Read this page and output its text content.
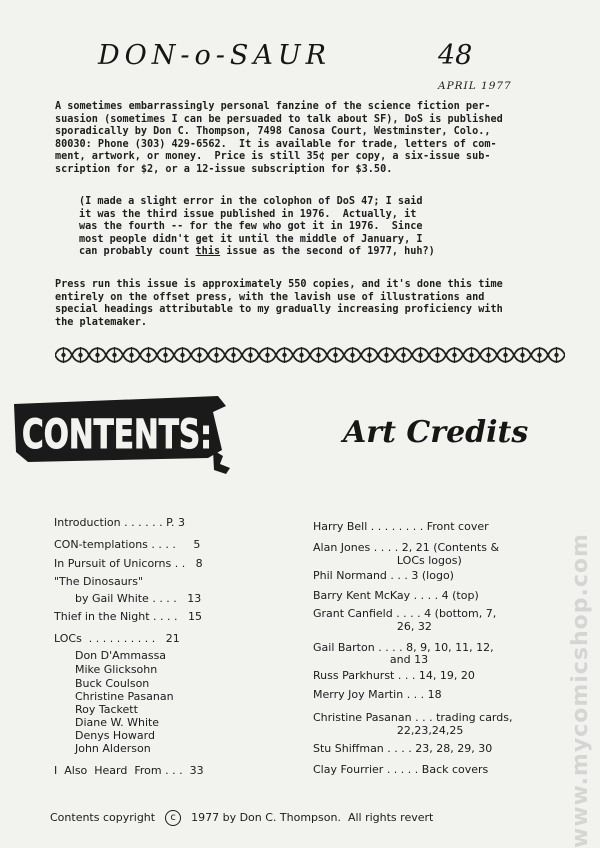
DON-o-SAUR	48
APRIL 1977

A sometimes embarrassingly personal fanzine of the science fiction per-
suasion (sometimes I can be persuaded to talk about SF), DoS is published
sporadically by Don C. Thompson, 7498 Canosa Court, Westminster, Colo.,
80030: Phone (303) 429-6562.  It is available for trade, letters of com-
ment, artwork, or money.  Price is still 35¢ per copy, a six-issue sub-
scription for $2, or a 12-issue subscription for $3.50.

(I made a slight error in the colophon of DoS 47; I said
it was the third issue published in 1976.  Actually, it
was the fourth -- for the few who got it in 1976.  Since
most people didn't get it until the middle of January, I
can probably count this issue as the second of 1977, huh?)

Press run this issue is approximately 550 copies, and it's done this time
entirely on the offset press, with the lavish use of illustrations and
special headings attributable to my gradually increasing proficiency with
the platemaker.

CONTENTS:	Art Credits
Introduction . . . . . . P. 3
CON-templations . . . .     5
In Pursuit of Unicorns . .   8
"The Dinosaurs"
by Gail White . . . .   13
Thief in the Night . . . .   15
LOCs  . . . . . . . . . .   21
Don D'Ammassa
Mike Glicksohn
Buck Coulson
Christine Pasanan
Roy Tackett
Diane W. White
Denys Howard
John Alderson
I  Also  Heard  From . . .  33
Harry Bell . . . . . . . . Front cover
Alan Jones . . . . 2, 21 (Contents &
LOCs logos)
Phil Normand . . . 3 (logo)
Barry Kent McKay . . . . 4 (top)
Grant Canfield . . . . 4 (bottom, 7,
26, 32
Gail Barton . . . . 8, 9, 10, 11, 12,
and 13
Russ Parkhurst . . . 14, 19, 20
Merry Joy Martin . . . 18
Christine Pasanan . . . trading cards,
22,23,24,25
Stu Shiffman . . . . 23, 28, 29, 30
Clay Fourrier . . . . . Back covers
Contents copyright c 1977 by Don C. Thompson.  All rights revert	www.mycomicshop.com
